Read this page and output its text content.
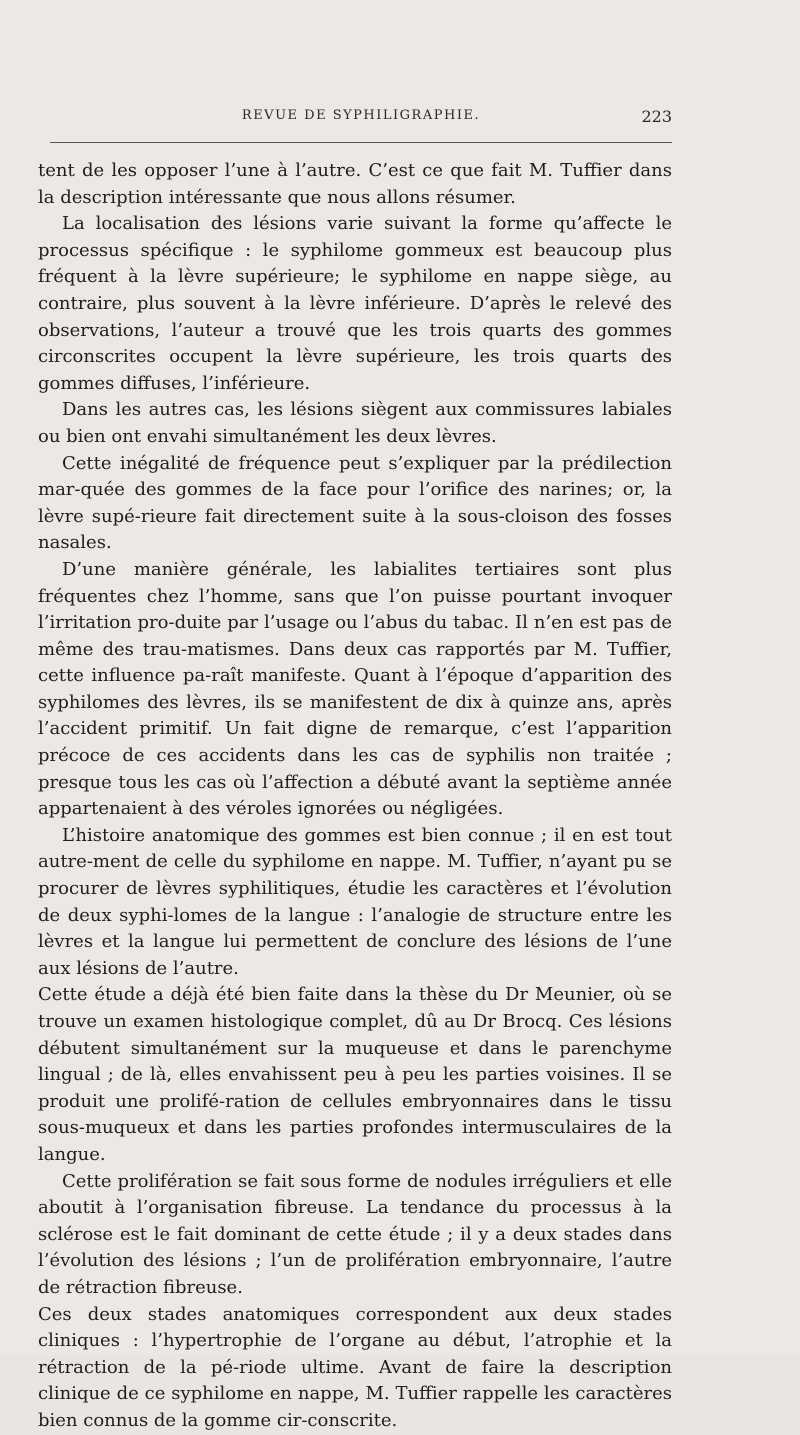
REVUE DE SYPHILIGRAPHIE.	223

tent de les opposer l’une à l’autre. C’est ce que fait M. Tuffier dans la description intéressante que nous allons résumer.

La localisation des lésions varie suivant la forme qu’affecte le processus spécifique : le syphilome gommeux est beaucoup plus fréquent à la lèvre supérieure; le syphilome en nappe siège, au contraire, plus souvent à la lèvre inférieure. D’après le relevé des observations, l’auteur a trouvé que les trois quarts des gommes circonscrites occupent la lèvre supérieure, les trois quarts des gommes diffuses, l’inférieure.

Dans les autres cas, les lésions siègent aux commissures labiales ou bien ont envahi simultanément les deux lèvres.

Cette inégalité de fréquence peut s’expliquer par la prédilection mar-quée des gommes de la face pour l’orifice des narines; or, la lèvre supé-rieure fait directement suite à la sous-cloison des fosses nasales.

D’une manière générale, les labialites tertiaires sont plus fréquentes chez l’homme, sans que l’on puisse pourtant invoquer l’irritation pro-duite par l’usage ou l’abus du tabac. Il n’en est pas de même des trau-matismes. Dans deux cas rapportés par M. Tuffier, cette influence pa-raît manifeste. Quant à l’époque d’apparition des syphilomes des lèvres, ils se manifestent de dix à quinze ans, après l’accident primitif. Un fait digne de remarque, c’est l’apparition précoce de ces accidents dans les cas de syphilis non traitée ; presque tous les cas où l’affection a débuté avant la septième année appartenaient à des véroles ignorées ou négligées.

L’histoire anatomique des gommes est bien connue ; il en est tout autre-ment de celle du syphilome en nappe. M. Tuffier, n’ayant pu se procurer de lèvres syphilitiques, étudie les caractères et l’évolution de deux syphi-lomes de la langue : l’analogie de structure entre les lèvres et la langue lui permettent de conclure des lésions de l’une aux lésions de l’autre.

Cette étude a déjà été bien faite dans la thèse du Dr Meunier, où se trouve un examen histologique complet, dû au Dr Brocq. Ces lésions débutent simultanément sur la muqueuse et dans le parenchyme lingual ; de là, elles envahissent peu à peu les parties voisines. Il se produit une prolifé-ration de cellules embryonnaires dans le tissu sous-muqueux et dans les parties profondes intermusculaires de la langue.

Cette prolifération se fait sous forme de nodules irréguliers et elle aboutit à l’organisation fibreuse. La tendance du processus à la sclérose est le fait dominant de cette étude ; il y a deux stades dans l’évolution des lésions ; l’un de prolifération embryonnaire, l’autre de rétraction fibreuse.

Ces deux stades anatomiques correspondent aux deux stades cliniques : l’hypertrophie de l’organe au début, l’atrophie et la rétraction de la pé-riode ultime. Avant de faire la description clinique de ce syphilome en nappe, M. Tuffier rappelle les caractères bien connus de la gomme cir-conscrite.
